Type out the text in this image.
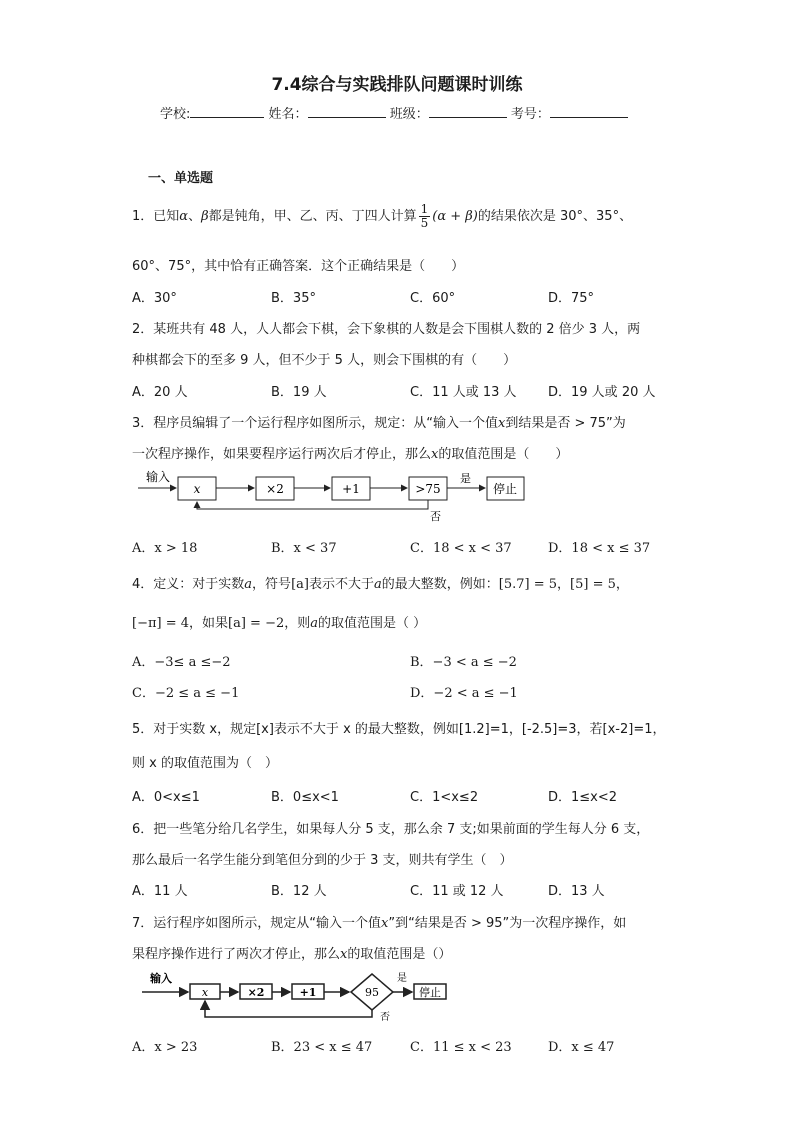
7.4综合与实践排队问题课时训练
学校:	姓名：	班级：	考号：
一、单选题
1．已知α、β都是钝角，甲、乙、丙、丁四人计算 $\frac{1}{5} (\alpha + \beta)$的结果依次是 30°、35°、
60°、75°，其中恰有正确答案．这个正确结果是（　　）
A．30°	B．35°	C．60°	D．75°
2．某班共有 48 人，人人都会下棋，会下象棋的人数是会下围棋人数的 2 倍少 3 人，两
种棋都会下的至多 9 人，但不少于 5 人，则会下围棋的有（　　）
A．20 人	B．19 人	C．11 人或 13 人 D．19 人或 20 人
3．程序员编辑了一个运行程序如图所示，规定：从“输入一个值x到结果是否 > 75”为
一次程序操作，如果要程序运行两次后才停止，那么x的取值范围是（　　）
输入
x	×2	+1	>75
是
停止
否
A．x > 18	B．x < 37	C．18 < x < 37	D．18 < x ≤ 37
4．定义：对于实数a，符号[a]表示不大于a的最大整数，例如：[5.7] = 5，[5] = 5，
[−π] = 4，如果[a] = −2，则a的取值范围是（ ）
A．−3≤ a ≤−2	B．−3 < a ≤ −2
C．−2 ≤ a ≤ −1	D．−2 < a ≤ −1
5．对于实数 x，规定[x]表示不大于 x 的最大整数，例如[1.2]=1，[-2.5]=3，若[x-2]=1，
则 x 的取值范围为（　）
A．0<x≤1	B．0≤x<1	C．1<x≤2	D．1≤x<2
6．把一些笔分给几名学生，如果每人分 5 支，那么余 7 支;如果前面的学生每人分 6 支，
那么最后一名学生能分到笔但分到的少于 3 支，则共有学生（　）
A．11 人	B．12 人	C．11 或 12 人	D．13 人
7．运行程序如图所示，规定从“输入一个值x”到“结果是否 > 95”为一次程序操作，如
果程序操作进行了两次才停止，那么x的取值范围是（）
输入
x	×2	+1	95
是
停止
否
A．x > 23	B．23 < x ≤ 47	C．11 ≤ x < 23	D．x ≤ 47
